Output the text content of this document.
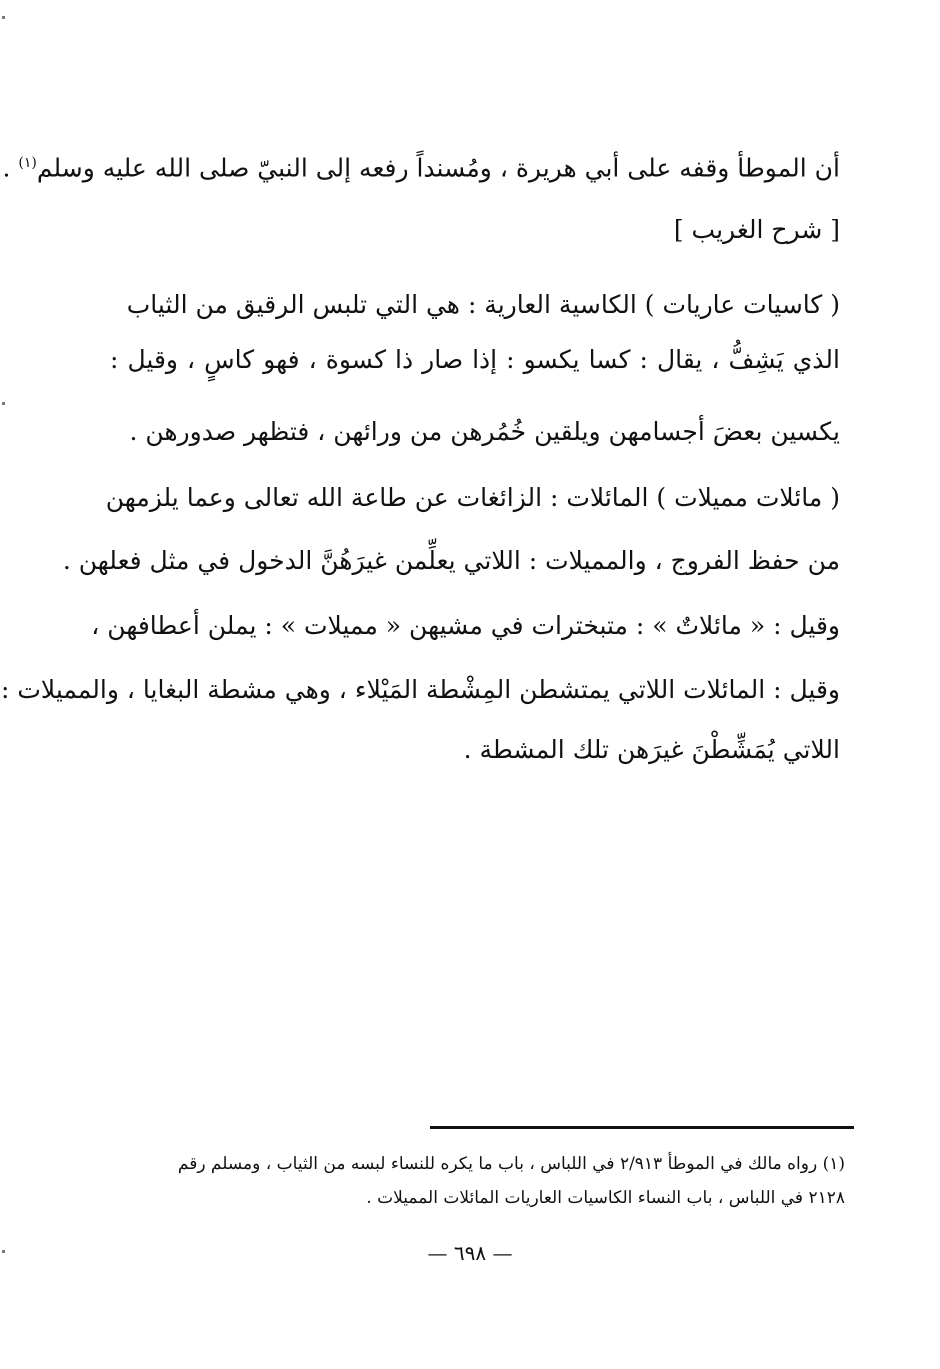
أن الموطأ وقفه على أبي هريرة ، ومُسنداً رفعه إلى النبيّ صلى الله عليه وسلم$^{(١)}$ .
( كاسيات عاريات ) الكاسية العارية : هي التي تلبس الرقيق من الثياب
الذي يَشِفُّ ، يقال : كسا يكسو : إذا صار ذا كسوة ، فهو كاسٍ ، وقيل :
يكسين بعضَ أجسامهن ويلقين خُمُرهن من ورائهن ، فتظهر صدورهن .
( مائلات مميلات ) المائلات : الزائغات عن طاعة الله تعالى وعما يلزمهن
من حفظ الفروج ، والمميلات : اللاتي يعلِّمن غيرَهُنَّ الدخول في مثل فعلهن .
وقيل : « مائلاتٌ » : متبخترات في مشيهن « مميلات » : يملن أعطافهن ،
وقيل : المائلات اللاتي يمتشطن المِشْطة المَيْلاء ، وهي مشطة البغايا ، والمميلات :
اللاتي يُمَشِّطْنَ غيرَهن تلك المشطة .
[ شرح الغريب ]
(١) رواه مالك في الموطأ ٢/٩١٣ في اللباس ، باب ما يكره للنساء لبسه من الثياب ، ومسلم رقم
٢١٢٨ في اللباس ، باب النساء الكاسيات العاريات المائلات المميلات .
— ٦٩٨ —
